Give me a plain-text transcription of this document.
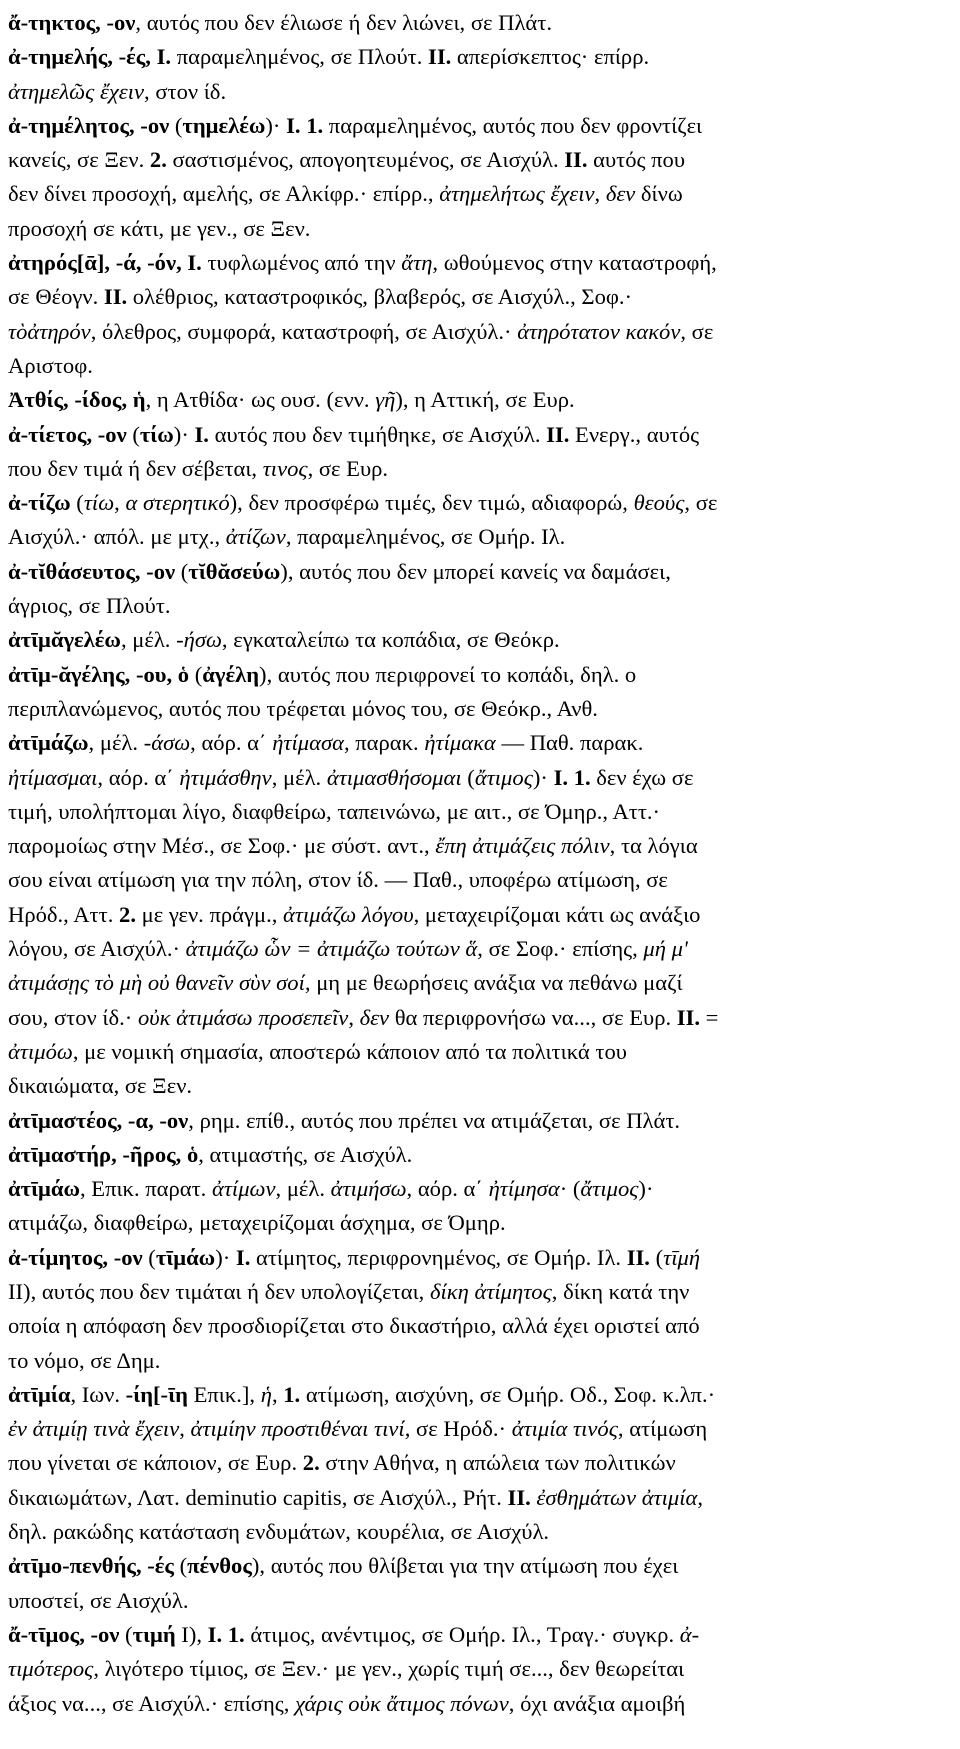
ἄ-τηκτος, -ον, αυτός που δεν έλιωσε ή δεν λιώνει, σε Πλάτ.
ἀ-τημελής, -ές, Ι. παραμελημένος, σε Πλούτ. II. απερίσκεπτος· επίρρ.
ἀτημελῶς ἔχειν, στον ίδ.
ἀ-τημέλητος, -ον (τημελέω)· I. 1. παραμελημένος, αυτός που δεν φροντίζει
κανείς, σε Ξεν. 2. σαστισμένος, απογοητευμένος, σε Αισχύλ. II. αυτός που
δεν δίνει προσοχή, αμελής, σε Αλκίφρ.· επίρρ., ἀτημελήτως ἔχειν, δεν δίνω
προσοχή σε κάτι, με γεν., σε Ξεν.
ἀτηρός[ᾱ], -ά, -όν, I. τυφλωμένος από την ἄτη, ωθούμενος στην καταστροφή,
σε Θέογν. II. ολέθριος, καταστροφικός, βλαβερός, σε Αισχύλ., Σοφ.·
τὸἀτηρόν, όλεθρος, συμφορά, καταστροφή, σε Αισχύλ.· ἀτηρότατον κακόν, σε
Αριστοφ.
Ἀτθίς, -ίδος, ἡ, η Ατθίδα· ως ουσ. (ενν. γῆ), η Αττική, σε Ευρ.
ἀ-τίετος, -ον (τίω)· I. αυτός που δεν τιμήθηκε, σε Αισχύλ. II. Ενεργ., αυτός
που δεν τιμά ή δεν σέβεται, τινος, σε Ευρ.
ἀ-τίζω (τίω, α στερητικό), δεν προσφέρω τιμές, δεν τιμώ, αδιαφορώ, θεούς, σε
Αισχύλ.· απόλ. με μτχ., ἀτίζων, παραμελημένος, σε Ομήρ. Ιλ.
ἀ-τῐθάσευτος, -ον (τῐθᾰσεύω), αυτός που δεν μπορεί κανείς να δαμάσει,
άγριος, σε Πλούτ.
ἀτῑμᾰγελέω, μέλ. -ήσω, εγκαταλείπω τα κοπάδια, σε Θεόκρ.
ἀτῑμ-ᾰγέλης, -ου, ὁ (ἀγέλη), αυτός που περιφρονεί το κοπάδι, δηλ. ο
περιπλανώμενος, αυτός που τρέφεται μόνος του, σε Θεόκρ., Ανθ.
ἀτῑμάζω, μέλ. -άσω, αόρ. α΄ ἠτίμασα, παρακ. ἠτίμακα — Παθ. παρακ.
ἠτίμασμαι, αόρ. α΄ ἠτιμάσθην, μέλ. ἀτιμασθήσομαι (ἄτιμος)· I. 1. δεν έχω σε
τιμή, υπολήπτομαι λίγο, διαφθείρω, ταπεινώνω, με αιτ., σε Όμηρ., Αττ.·
παρομοίως στην Μέσ., σε Σοφ.· με σύστ. αντ., ἔπη ἀτιμάζεις πόλιν, τα λόγια
σου είναι ατίμωση για την πόλη, στον ίδ. — Παθ., υποφέρω ατίμωση, σε
Ηρόδ., Αττ. 2. με γεν. πράγμ., ἀτιμάζω λόγου, μεταχειρίζομαι κάτι ως ανάξιο
λόγου, σε Αισχύλ.· ἀτιμάζω ὧν = ἀτιμάζω τούτων ἅ, σε Σοφ.· επίσης, μή μ'
ἀτιμάσῃς τὸ μὴ οὐ θανεῖν σὺν σοί, μη με θεωρήσεις ανάξια να πεθάνω μαζί
σου, στον ίδ.· οὐκ ἀτιμάσω προσεπεῖν, δεν θα περιφρονήσω να..., σε Ευρ. II. =
ἀτιμόω, με νομική σημασία, αποστερώ κάποιον από τα πολιτικά του
δικαιώματα, σε Ξεν.
ἀτῑμαστέος, -α, -ον, ρημ. επίθ., αυτός που πρέπει να ατιμάζεται, σε Πλάτ.
ἀτῑμαστήρ, -ῆρος, ὁ, ατιμαστής, σε Αισχύλ.
ἀτῑμάω, Επικ. παρατ. ἀτίμων, μέλ. ἀτιμήσω, αόρ. α΄ ἠτίμησα· (ἄτιμος)·
ατιμάζω, διαφθείρω, μεταχειρίζομαι άσχημα, σε Όμηρ.
ἀ-τίμητος, -ον (τῑμάω)· I. ατίμητος, περιφρονημένος, σε Ομήρ. Ιλ. II. (τῑμή
II), αυτός που δεν τιμάται ή δεν υπολογίζεται, δίκη ἀτίμητος, δίκη κατά την
οποία η απόφαση δεν προσδιορίζεται στο δικαστήριο, αλλά έχει οριστεί από
το νόμο, σε Δημ.
ἀτῑμία, Ιων. -ίη[-ῑη Επικ.], ἡ, 1. ατίμωση, αισχύνη, σε Ομήρ. Οδ., Σοφ. κ.λπ.·
ἐν ἀτιμίῃ τινὰ ἔχειν, ἀτιμίην προστιθέναι τινί, σε Ηρόδ.· ἀτιμία τινός, ατίμωση
που γίνεται σε κάποιον, σε Ευρ. 2. στην Αθήνα, η απώλεια των πολιτικών
δικαιωμάτων, Λατ. deminutio capitis, σε Αισχύλ., Ρήτ. II. ἐσθημάτων ἀτιμία,
δηλ. ρακώδης κατάσταση ενδυμάτων, κουρέλια, σε Αισχύλ.
ἀτῑμο-πενθής, -ές (πένθος), αυτός που θλίβεται για την ατίμωση που έχει
υποστεί, σε Αισχύλ.
ἄ-τῑμος, -ον (τιμή I), I. 1. άτιμος, ανέντιμος, σε Ομήρ. Ιλ., Τραγ.· συγκρ. ἀ-
τιμότερος, λιγότερο τίμιος, σε Ξεν.· με γεν., χωρίς τιμή σε..., δεν θεωρείται
άξιος να..., σε Αισχύλ.· επίσης, χάρις οὐκ ἄτιμος πόνων, όχι ανάξια αμοιβή
